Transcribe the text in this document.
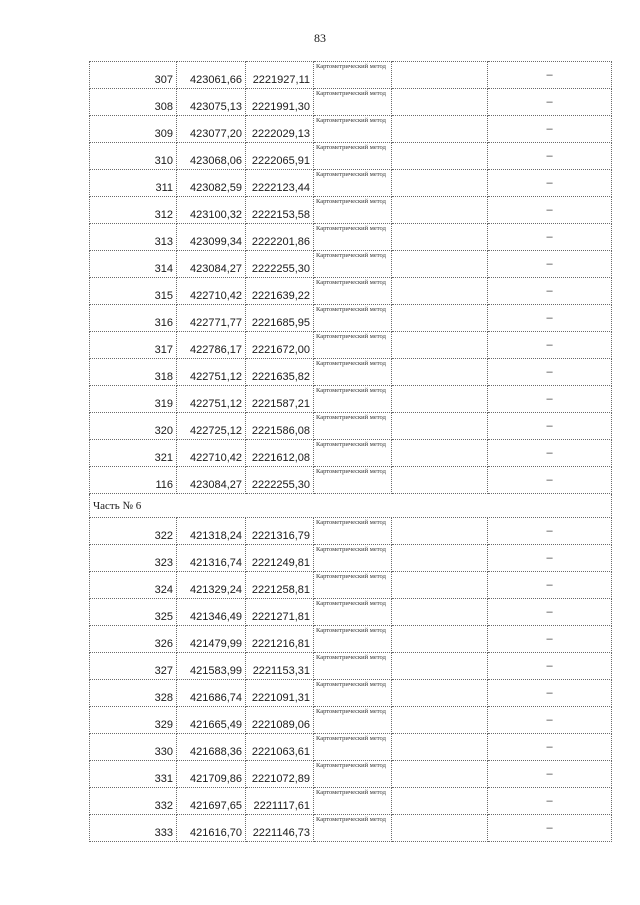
83
307	423061,66	2221927,11	Картометрический метод		–
308	423075,13	2221991,30	Картометрический метод		–
309	423077,20	2222029,13	Картометрический метод		–
310	423068,06	2222065,91	Картометрический метод		–
311	423082,59	2222123,44	Картометрический метод		–
312	423100,32	2222153,58	Картометрический метод		–
313	423099,34	2222201,86	Картометрический метод		–
314	423084,27	2222255,30	Картометрический метод		–
315	422710,42	2221639,22	Картометрический метод		–
316	422771,77	2221685,95	Картометрический метод		–
317	422786,17	2221672,00	Картометрический метод		–
318	422751,12	2221635,82	Картометрический метод		–
319	422751,12	2221587,21	Картометрический метод		–
320	422725,12	2221586,08	Картометрический метод		–
321	422710,42	2221612,08	Картометрический метод		–
116	423084,27	2222255,30	Картометрический метод		–
Часть № 6					
322	421318,24	2221316,79	Картометрический метод		–
323	421316,74	2221249,81	Картометрический метод		–
324	421329,24	2221258,81	Картометрический метод		–
325	421346,49	2221271,81	Картометрический метод		–
326	421479,99	2221216,81	Картометрический метод		–
327	421583,99	2221153,31	Картометрический метод		–
328	421686,74	2221091,31	Картометрический метод		–
329	421665,49	2221089,06	Картометрический метод		–
330	421688,36	2221063,61	Картометрический метод		–
331	421709,86	2221072,89	Картометрический метод		–
332	421697,65	2221117,61	Картометрический метод		–
333	421616,70	2221146,73	Картометрический метод		–
